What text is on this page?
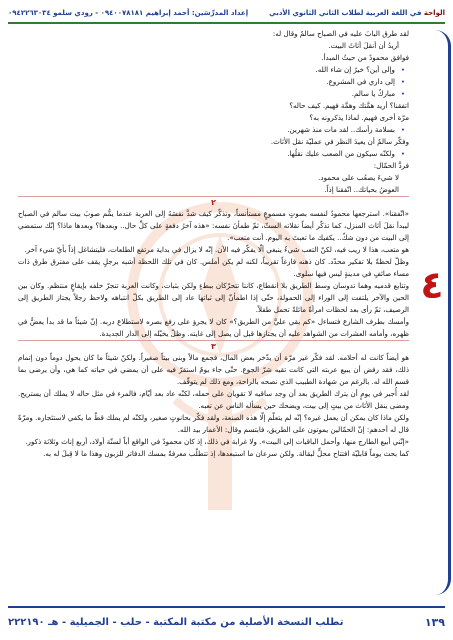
الواحة في اللغة العربية لطلاب الثاني الثانوي الأدبي
إعداد المدرِّسَين: أحمد إبراهيم ٠٩٤٠٠٧٨١٨١ - رودي سلمو ٠٩٤٢٢٦٣٠٣٤
٤

لقد طرق البابَ عليه في الصباح سالمٌ وقال له:

أريدُ أن أنقلَ أثاثَ البيت.

فوافق محمودٌ من حيثُ المبدأ.

• وإلى أين؟ خيرٌ إن شاء الله.

• إلى داري في المشروع.

• مباركٌ يا سالم.

اتفقنا؟ أريد همَّتك وهمَّة فهيم. كيف حاله؟

مرّة أخرى فهيم. لماذا يذكرونه به؟

• بسلامة رأسك.. لقد مات منذ شهرين.

وفكّر سالمٌ أن يعيدَ النظر في عمليّة نقل الأثاث.

• ولكنّه سيكون من الصعب عليك نقلُها.

فردَّ الحمّال:

لا شيءَ يصعُب على محمود.

العوضُ بحياتك.. اتّفقنا إذاً.

٢

«اتّفقنا». استرجعها محمودٌ لنفسه بصوتٍ مسموعٍ مستأنساً، وتذكّر كيف شدَّ نفسَهُ إلى العربة عندما يمُّم صوبَ بيت سالم في الصباح ليبدأ نقلَ أثاث المنزل، كما تذكّر أيضاً نقلاته الستّ، ثمّ طمأنَ نفسه: «هذه آخرُ دفعةٍ على كلِّ حال.. وبعدها؟ وبعدها ماذا؟ إنّك ستمضي إلى البيت من دون شكّ.. يكفيك ما تعبتَ به اليوم. أنت متعب».

هو متعب، هذا لا ريب فيه، لكنّ التعب شيءٌ ينبغي ألّا يفكّر فيه الآن. إنّه لا يزال في بداية مرتفع الطلعات، فليتشاغل إذاً بأيّ شيء آخر.

وظلّ لحظةً بلا تفكير محدّد. كان ذهنه فارغاً تقريباً، لكنه لم يكن أملس. كان في تلك اللحظة أشبه برجلٍ يقف على مفترق طرق ذات مساء صائفٍ في مدينةٍ ليس فيها سلوى.

وتتابع قدميه وهما تدوسان وسط الطريق بلا انقطاع، كانتا تتحرّكان ببطءٍ ولكن بثبات، وكانت العربة تنجرّ خلفه بإيقاعٍ منتظم. وكان بين الحين والآخر يلتفت إلى الوراء إلى الحمولة، حتّى إذا اطمأنّ إلى ثباتها عاد إلى الطريق بكلّ انتباهه ولاحظ رجلاً يجتاز الطريق إلى الرصيف، ثمّ رأى بعد لحظات امرأةً مائلةً تحمل طفلاً.

وأمسك بطرف الشارع فتساءل «كم بقي عليَّ من الطريق؟» كان لا يجرؤ على رفع بصره لاستطلاع دربه. إنّ شيئاً ما قد بدأ يعضُّ في ظهره، وأمامه العشرات من الشواهد عليه أن يجتازها قبل أن يصل إلى غايته. وظلّ يخيّله إلى الدار الجديدة.

٣

هو أيضاً كانت له أحلامه. لقد فكّر غير مرّة أن يدّخر بعض المال، فجمع مالاً وبنى بيتاً صغيراً. ولكنّ شيئاً ما كان يحول دوماً دون إتمام ذلك، فقد رفض أن يبيع عربته التي كانت تقيه شرّ الجوع. حتّى جاء يومٌ استقرّ فيه على أن يمضي في حياته كما هي، وأن يرضى بما قسم الله له. بالرغم من شهادة الطبيب الذي نصحه بالراحة، ومع ذلك لم يتوقّف.

لقد أُجبر في يومٍ أن يترك الطريق بعد أن وجد ساقيه لا تقويان على حمله، لكنّه عاد بعد أيّام، فالمرء في مثل حاله لا يملك أن يستريح. ومضى ينقل الأثاث من بيتٍ إلى بيت، ويضحك حين يسأله الناس عن تعبه.

ولكن ماذا كان يمكن أن يعمل غيره؟ إنّه لم يتعلّم إلّا هذه الصنعة، ولقد فكّر بحانوتٍ صغير، ولكنّه لم يملك قطّ ما يكفي لاستئجاره. ومرّةً قال له أحدهم: إنّ الحمّالين يموتون على الطريق، فابتسم وقال: الأعمار بيد الله.

«إنّني أبيع الطارج منها، وأحمل الباقيات إلى البيت». ولا غرابة في ذلك، إذ كان محمودٌ في الواقع أباً لستّة أولاد، أربع إناث وثلاثة ذكور.

كما بحث يوماً قابليّة افتتاح محلٍّ لبقالة. ولكن سرعان ما استبعدها، إذ تتطلّب معرفةً بمسك الدفاتر للزبون وهذا ما لا قِبلَ له به.

١٣٩
تطلب النسخة الأصلية من مكتبة المكتبة - حلب - الجميلية - هـ ٢٢٢١٩٠
